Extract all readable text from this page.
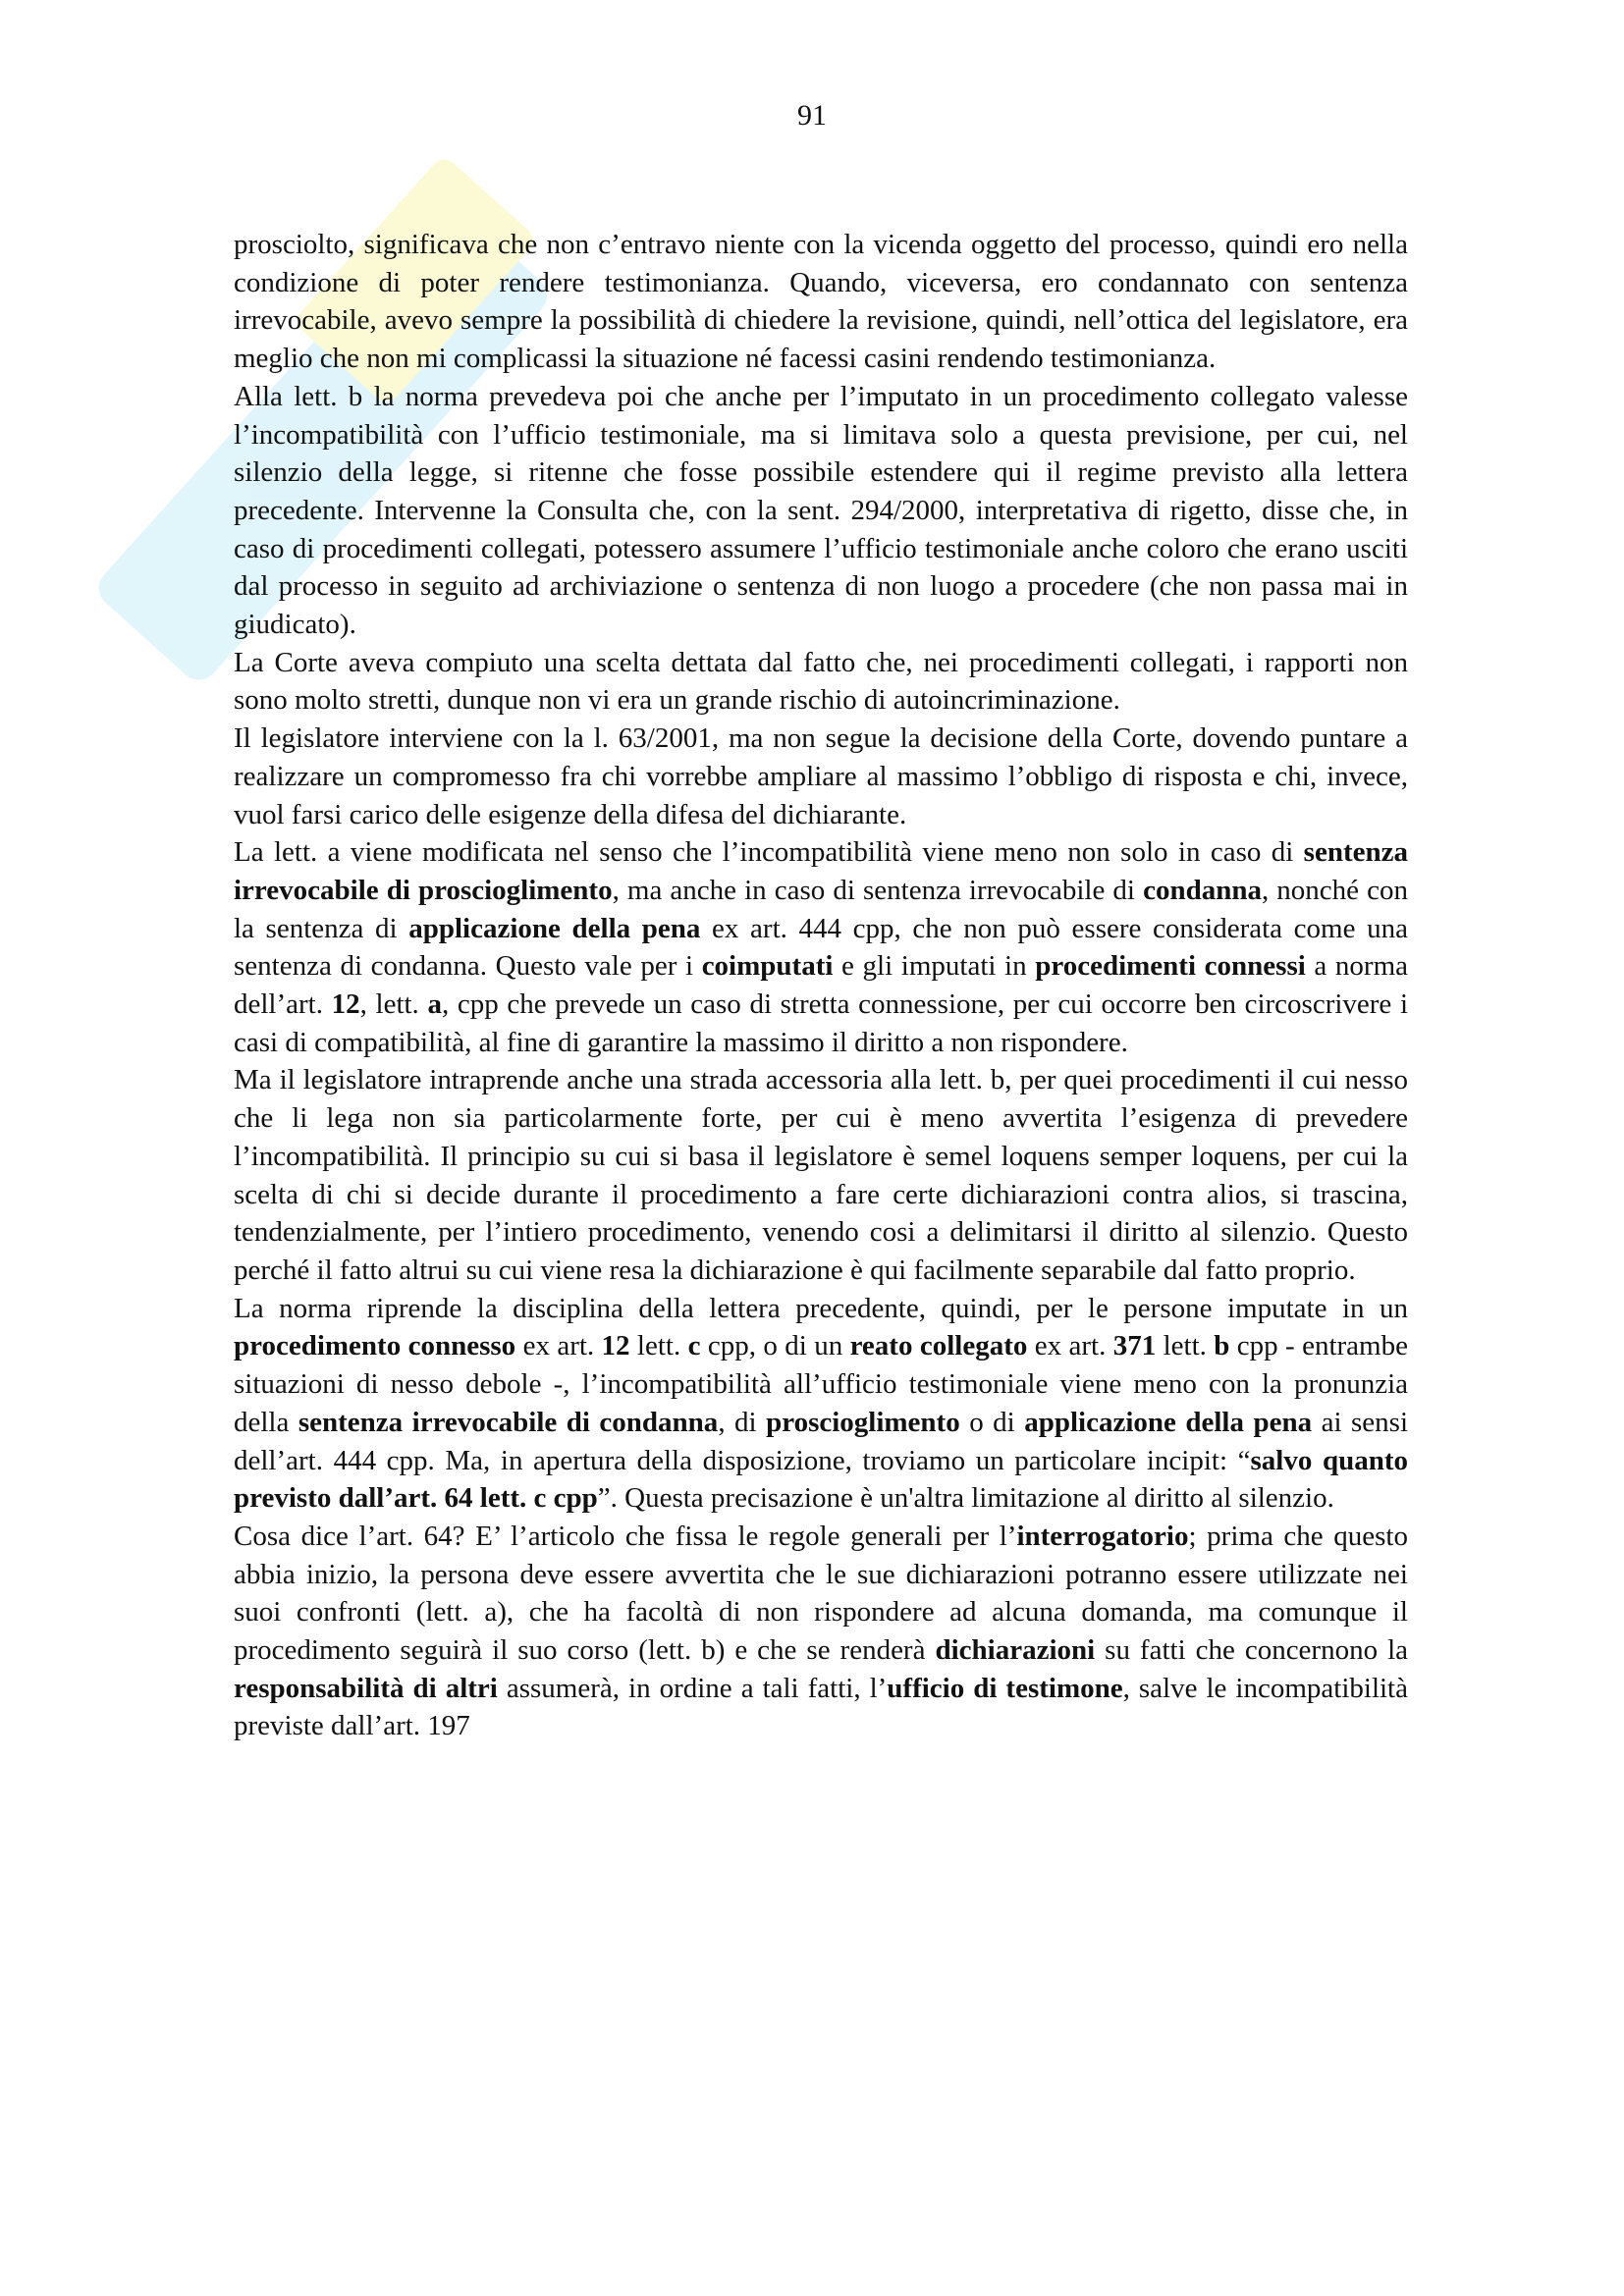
91

prosciolto, significava che non c’entravo niente con la vicenda oggetto del processo, quindi ero nella condizione di poter rendere testimonianza. Quando, viceversa, ero condannato con sentenza irrevocabile, avevo sempre la possibilità di chiedere la revisione, quindi, nell’ottica del legislatore, era meglio che non mi complicassi la situazione né facessi casini rendendo testimonianza.

Alla lett. b la norma prevedeva poi che anche per l’imputato in un procedimento collegato valesse l’incompatibilità con l’ufficio testimoniale, ma si limitava solo a questa previsione, per cui, nel silenzio della legge, si ritenne che fosse possibile estendere qui il regime previsto alla lettera precedente. Intervenne la Consulta che, con la sent. 294/2000, interpretativa di rigetto, disse che, in caso di procedimenti collegati, potessero assumere l’ufficio testimoniale anche coloro che erano usciti dal processo in seguito ad archiviazione o sentenza di non luogo a procedere (che non passa mai in giudicato).

La Corte aveva compiuto una scelta dettata dal fatto che, nei procedimenti collegati, i rapporti non sono molto stretti, dunque non vi era un grande rischio di autoincriminazione.

Il legislatore interviene con la l. 63/2001, ma non segue la decisione della Corte, dovendo puntare a realizzare un compromesso fra chi vorrebbe ampliare al massimo l’obbligo di risposta e chi, invece, vuol farsi carico delle esigenze della difesa del dichiarante.

La lett. a viene modificata nel senso che l’incompatibilità viene meno non solo in caso di sentenza irrevocabile di proscioglimento, ma anche in caso di sentenza irrevocabile di condanna, nonché con la sentenza di applicazione della pena ex art. 444 cpp, che non può essere considerata come una sentenza di condanna. Questo vale per i coimputati e gli imputati in procedimenti connessi a norma dell’art. 12, lett. a, cpp che prevede un caso di stretta connessione, per cui occorre ben circoscrivere i casi di compatibilità, al fine di garantire la massimo il diritto a non rispondere.

Ma il legislatore intraprende anche una strada accessoria alla lett. b, per quei procedimenti il cui nesso che li lega non sia particolarmente forte, per cui è meno avvertita l’esigenza di prevedere l’incompatibilità. Il principio su cui si basa il legislatore è semel loquens semper loquens, per cui la scelta di chi si decide durante il procedimento a fare certe dichiarazioni contra alios, si trascina, tendenzialmente, per l’intiero procedimento, venendo cosi a delimitarsi il diritto al silenzio. Questo perché il fatto altrui su cui viene resa la dichiarazione è qui facilmente separabile dal fatto proprio.

La norma riprende la disciplina della lettera precedente, quindi, per le persone imputate in un procedimento connesso ex art. 12 lett. c cpp, o di un reato collegato ex art. 371 lett. b cpp - entrambe situazioni di nesso debole -, l’incompatibilità all’ufficio testimoniale viene meno con la pronunzia della sentenza irrevocabile di condanna, di proscioglimento o di applicazione della pena ai sensi dell’art. 444 cpp. Ma, in apertura della disposizione, troviamo un particolare incipit: “salvo quanto previsto dall’art. 64 lett. c cpp”. Questa precisazione è un'altra limitazione al diritto al silenzio.

Cosa dice l’art. 64? E’ l’articolo che fissa le regole generali per l’interrogatorio; prima che questo abbia inizio, la persona deve essere avvertita che le sue dichiarazioni potranno essere utilizzate nei suoi confronti (lett. a), che ha facoltà di non rispondere ad alcuna domanda, ma comunque il procedimento seguirà il suo corso (lett. b) e che se renderà dichiarazioni su fatti che concernono la responsabilità di altri assumerà, in ordine a tali fatti, l’ufficio di testimone, salve le incompatibilità previste dall’art. 197
